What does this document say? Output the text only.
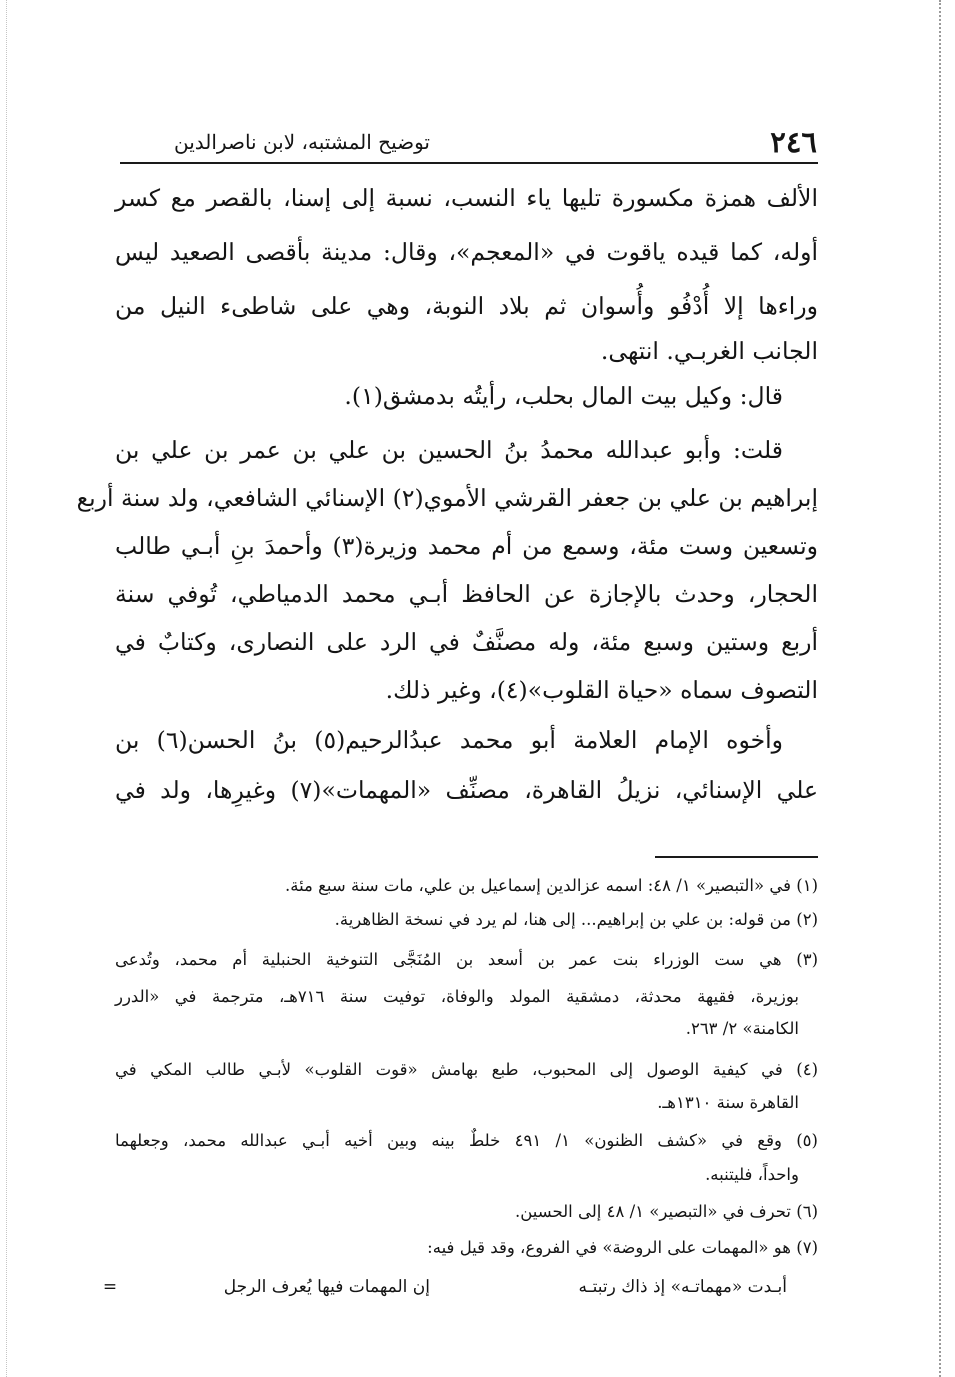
٢٤٦
توضيح المشتبه، لابن ناصرالدين
الألف همزة مكسورة تليها ياء النسب، نسبة إلى إسنا، بالقصر مع كسر
أوله، كما قيده ياقوت في «المعجم»، وقال: مدينة بأقصى الصعيد ليس
وراءها إلا أُدْفُو وأُسوان ثم بلاد النوبة، وهي على شاطىء النيل من
الجانب الغربـي. انتهى.
قال: وكيل بيت المال بحلب، رأيتُه بدمشق(١).
قلت: وأبو عبدالله محمدُ بنُ الحسين بن علي بن عمر بن علي بن
إبراهيم بن علي بن جعفر القرشي الأموي(٢) الإسنائي الشافعي، ولد سنة أربع
وتسعين وست مئة، وسمع من أم محمد وزيرة(٣) وأحمدَ بنِ أبـي طالب
الحجار، وحدث بالإجازة عن الحافظ أبـي محمد الدمياطي، تُوفي سنة
أربع وستين وسبع مئة، وله مصنَّفٌ في الرد على النصارى، وكتابٌ في
التصوف سماه «حياة القلوب»(٤)، وغير ذلك.
وأخوه الإمام العلامة أبو محمد عبدُالرحيم(٥) بنُ الحسن(٦) بن
علي الإسنائي، نزيلُ القاهرة، مصنِّف «المهمات»(٧) وغيرِها، ولد في
(١) في «التبصير» ١/ ٤٨: اسمه عزالدين إسماعيل بن علي، مات سنة سبع مئة.
(٢) من قوله: بن علي بن إبراهيم... إلى هنا، لم يرد في نسخة الظاهرية.
(٣) هي ست الوزراء بنت عمر بن أسعد بن المُنَجَّى التنوخية الحنبلية أم محمد، وتُدعى
بوزيرة، فقيهة محدثة، دمشقية المولد والوفاة، توفيت سنة ٧١٦هـ، مترجمة في «الدرر
الكامنة» ٢/ ٢٦٣.
(٤) في كيفية الوصول إلى المحبوب، طبع بهامش «قوت القلوب» لأبـي طالب المكي في
القاهرة سنة ١٣١٠هـ.
(٥) وقع في «كشف الظنون» ١/ ٤٩١ خلطٌ بينه وبين أخيه أبـي عبدالله محمد، وجعلهما
واحداً، فليتنبه.
(٦) تحرف في «التبصير» ١/ ٤٨ إلى الحسين.
(٧) هو «المهمات على الروضة» في الفروع، وقد قيل فيه:
إن المهمات فيها يُعرف الرجل	أبـدت «مهماتـه» إذ ذاك رتبتـه
=
